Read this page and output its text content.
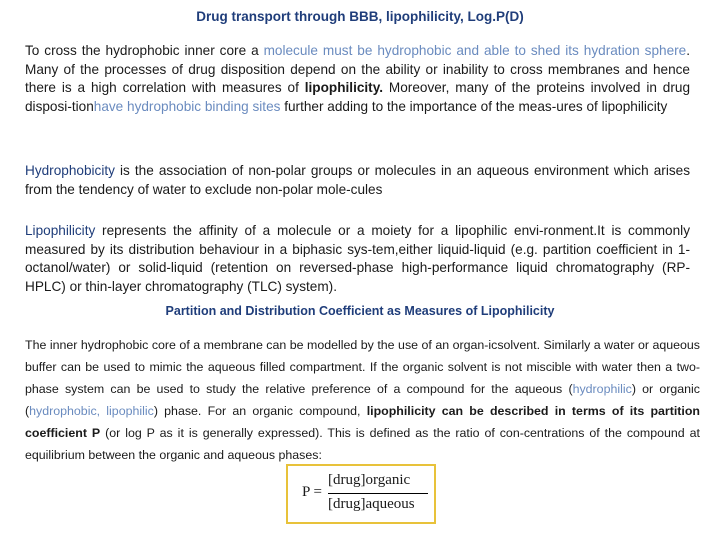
Drug transport through BBB, lipophilicity, Log.P(D)

To cross the hydrophobic inner core a molecule must be hydrophobic and able to shed its hydration sphere. Many of the processes of drug disposition depend on the ability or inability to cross membranes and hence there is a high correlation with measures of lipophilicity. Moreover, many of the proteins involved in drug disposi-tionhave hydrophobic binding sites further adding to the importance of the meas-ures of lipophilicity

Hydrophobicity is the association of non-polar groups or molecules in an aqueous environment which arises from the tendency of water to exclude non-polar mole-cules

Lipophilicity represents the affinity of a molecule or a moiety for a lipophilic envi-ronment.It is commonly measured by its distribution behaviour in a biphasic sys-tem,either liquid-liquid (e.g. partition coefficient in 1-octanol/water) or solid-liquid (retention on reversed-phase high-performance liquid chromatography (RP-HPLC) or thin-layer chromatography (TLC) system).

Partition and Distribution Coefficient as Measures of Lipophilicity

The inner hydrophobic core of a membrane can be modelled by the use of an organ-icsolvent. Similarly a water or aqueous buffer can be used to mimic the aqueous filled compartment. If the organic solvent is not miscible with water then a two-phase system can be used to study the relative preference of a compound for the aqueous (hydrophilic) or organic (hydrophobic, lipophilic) phase. For an organic compound, lipophilicity can be described in terms of its partition coefficient P (or log P as it is generally expressed). This is defined as the ratio of con-centrations of the compound at equilibrium between the organic and aqueous phases:

P =
[drug]organic
[drug]aqueous
